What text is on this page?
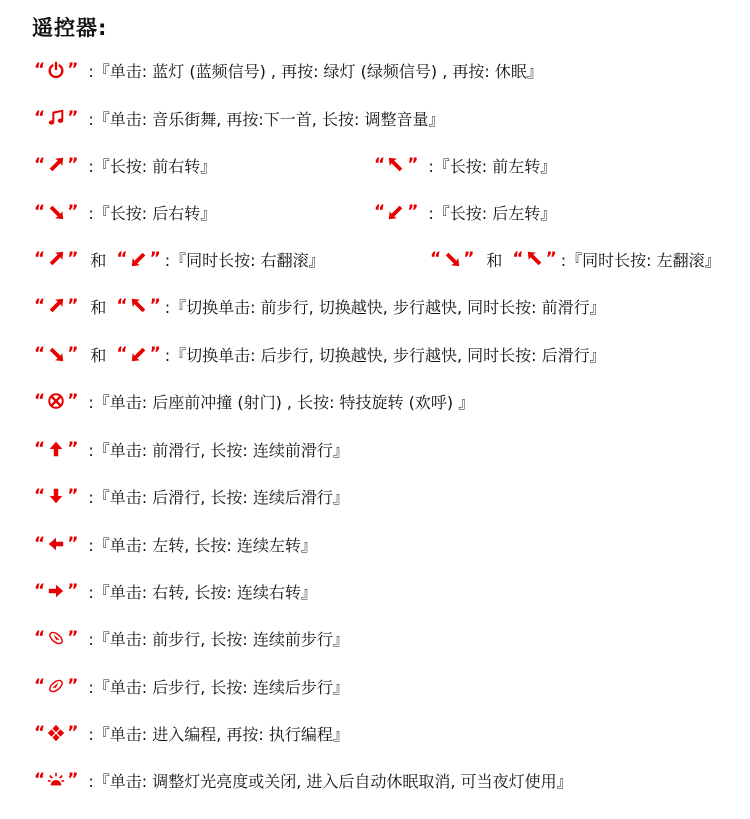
遥控器:
“ ” :『单击: 蓝灯 (蓝频信号) , 再按: 绿灯 (绿频信号) , 再按: 休眠』
“ ” :『单击: 音乐街舞, 再按:下一首, 长按: 调整音量』
“ ” :『长按: 前右转』	“ ” :『长按: 前左转』
“ ” :『长按: 后右转』	“ ” :『长按: 后左转』
“ ” 和 “ ” :『同时长按: 右翻滚』	“ ” 和 “ ” :『同时长按: 左翻滚』
“ ” 和 “ ” :『切换单击: 前步行, 切换越快, 步行越快, 同时长按: 前滑行』
“ ” 和 “ ” :『切换单击: 后步行, 切换越快, 步行越快, 同时长按: 后滑行』
“ ” :『单击: 后座前冲撞 (射门) , 长按: 特技旋转 (欢呼) 』
“ ” :『单击: 前滑行, 长按: 连续前滑行』
“ ” :『单击: 后滑行, 长按: 连续后滑行』
“ ” :『单击: 左转, 长按: 连续左转』
“ ” :『单击: 右转, 长按: 连续右转』
“ ” :『单击: 前步行, 长按: 连续前步行』
“ ” :『单击: 后步行, 长按: 连续后步行』
“ ” :『单击: 进入编程, 再按: 执行编程』
“ ” :『单击: 调整灯光亮度或关闭, 进入后自动休眠取消, 可当夜灯使用』
